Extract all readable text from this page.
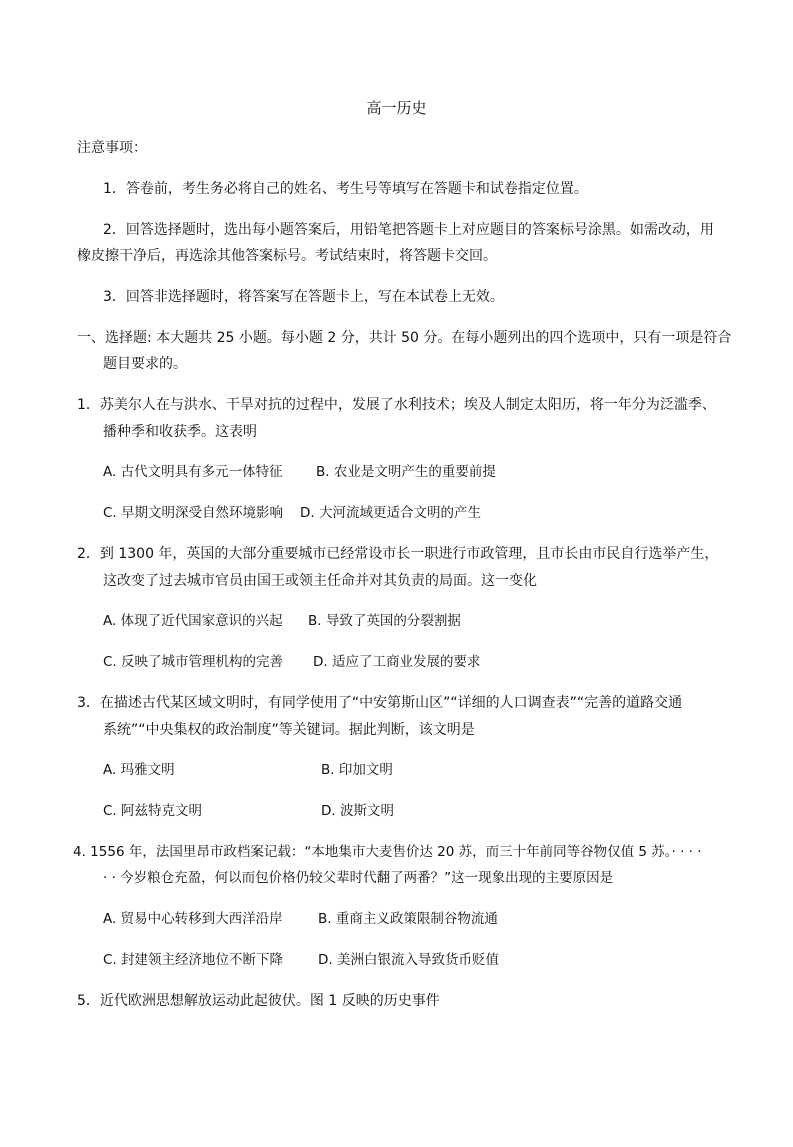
高一历史
注意事项：
1．答卷前，考生务必将自己的姓名、考生号等填写在答题卡和试卷指定位置。
2．回答选择题时，选出每小题答案后，用铅笔把答题卡上对应题目的答案标号涂黑。如需改动，用
橡皮擦干净后，再选涂其他答案标号。考试结束时，将答题卡交回。
3．回答非选择题时，将答案写在答题卡上，写在本试卷上无效。
一、选择题: 本大题共 25 小题。每小题 2 分，共计 50 分。在每小题列出的四个选项中，只有一项是符合
题目要求的。
1．苏美尔人在与洪水、干旱对抗的过程中，发展了水利技术；埃及人制定太阳历，将一年分为泛滥季、
播种季和收获季。这表明
A. 古代文明具有多元一体特征 B. 农业是文明产生的重要前提
C. 早期文明深受自然环境影响 D. 大河流域更适合文明的产生
2．到 1300 年，英国的大部分重要城市已经常设市长一职进行市政管理，且市长由市民自行选举产生，
这改变了过去城市官员由国王或领主任命并对其负责的局面。这一变化
A. 体现了近代国家意识的兴起 B. 导致了英国的分裂割据
C. 反映了城市管理机构的完善 D. 适应了工商业发展的要求
3．在描述古代某区域文明时，有同学使用了“中安第斯山区”“详细的人口调查表”“完善的道路交通
系统”“中央集权的政治制度”等关键词。据此判断，该文明是
A. 玛雅文明	B. 印加文明
C. 阿兹特克文明	D. 波斯文明
4. 1556 年，法国里昂市政档案记载：“本地集市大麦售价达 20 苏，而三十年前同等谷物仅值 5 苏。· · · ·
· · 今岁粮仓充盈，何以而包价格仍较父辈时代翻了两番？”这一现象出现的主要原因是
A. 贸易中心转移到大西洋沿岸	B. 重商主义政策限制谷物流通
C. 封建领主经济地位不断下降	D. 美洲白银流入导致货币贬值
5．近代欧洲思想解放运动此起彼伏。图 1 反映的历史事件
